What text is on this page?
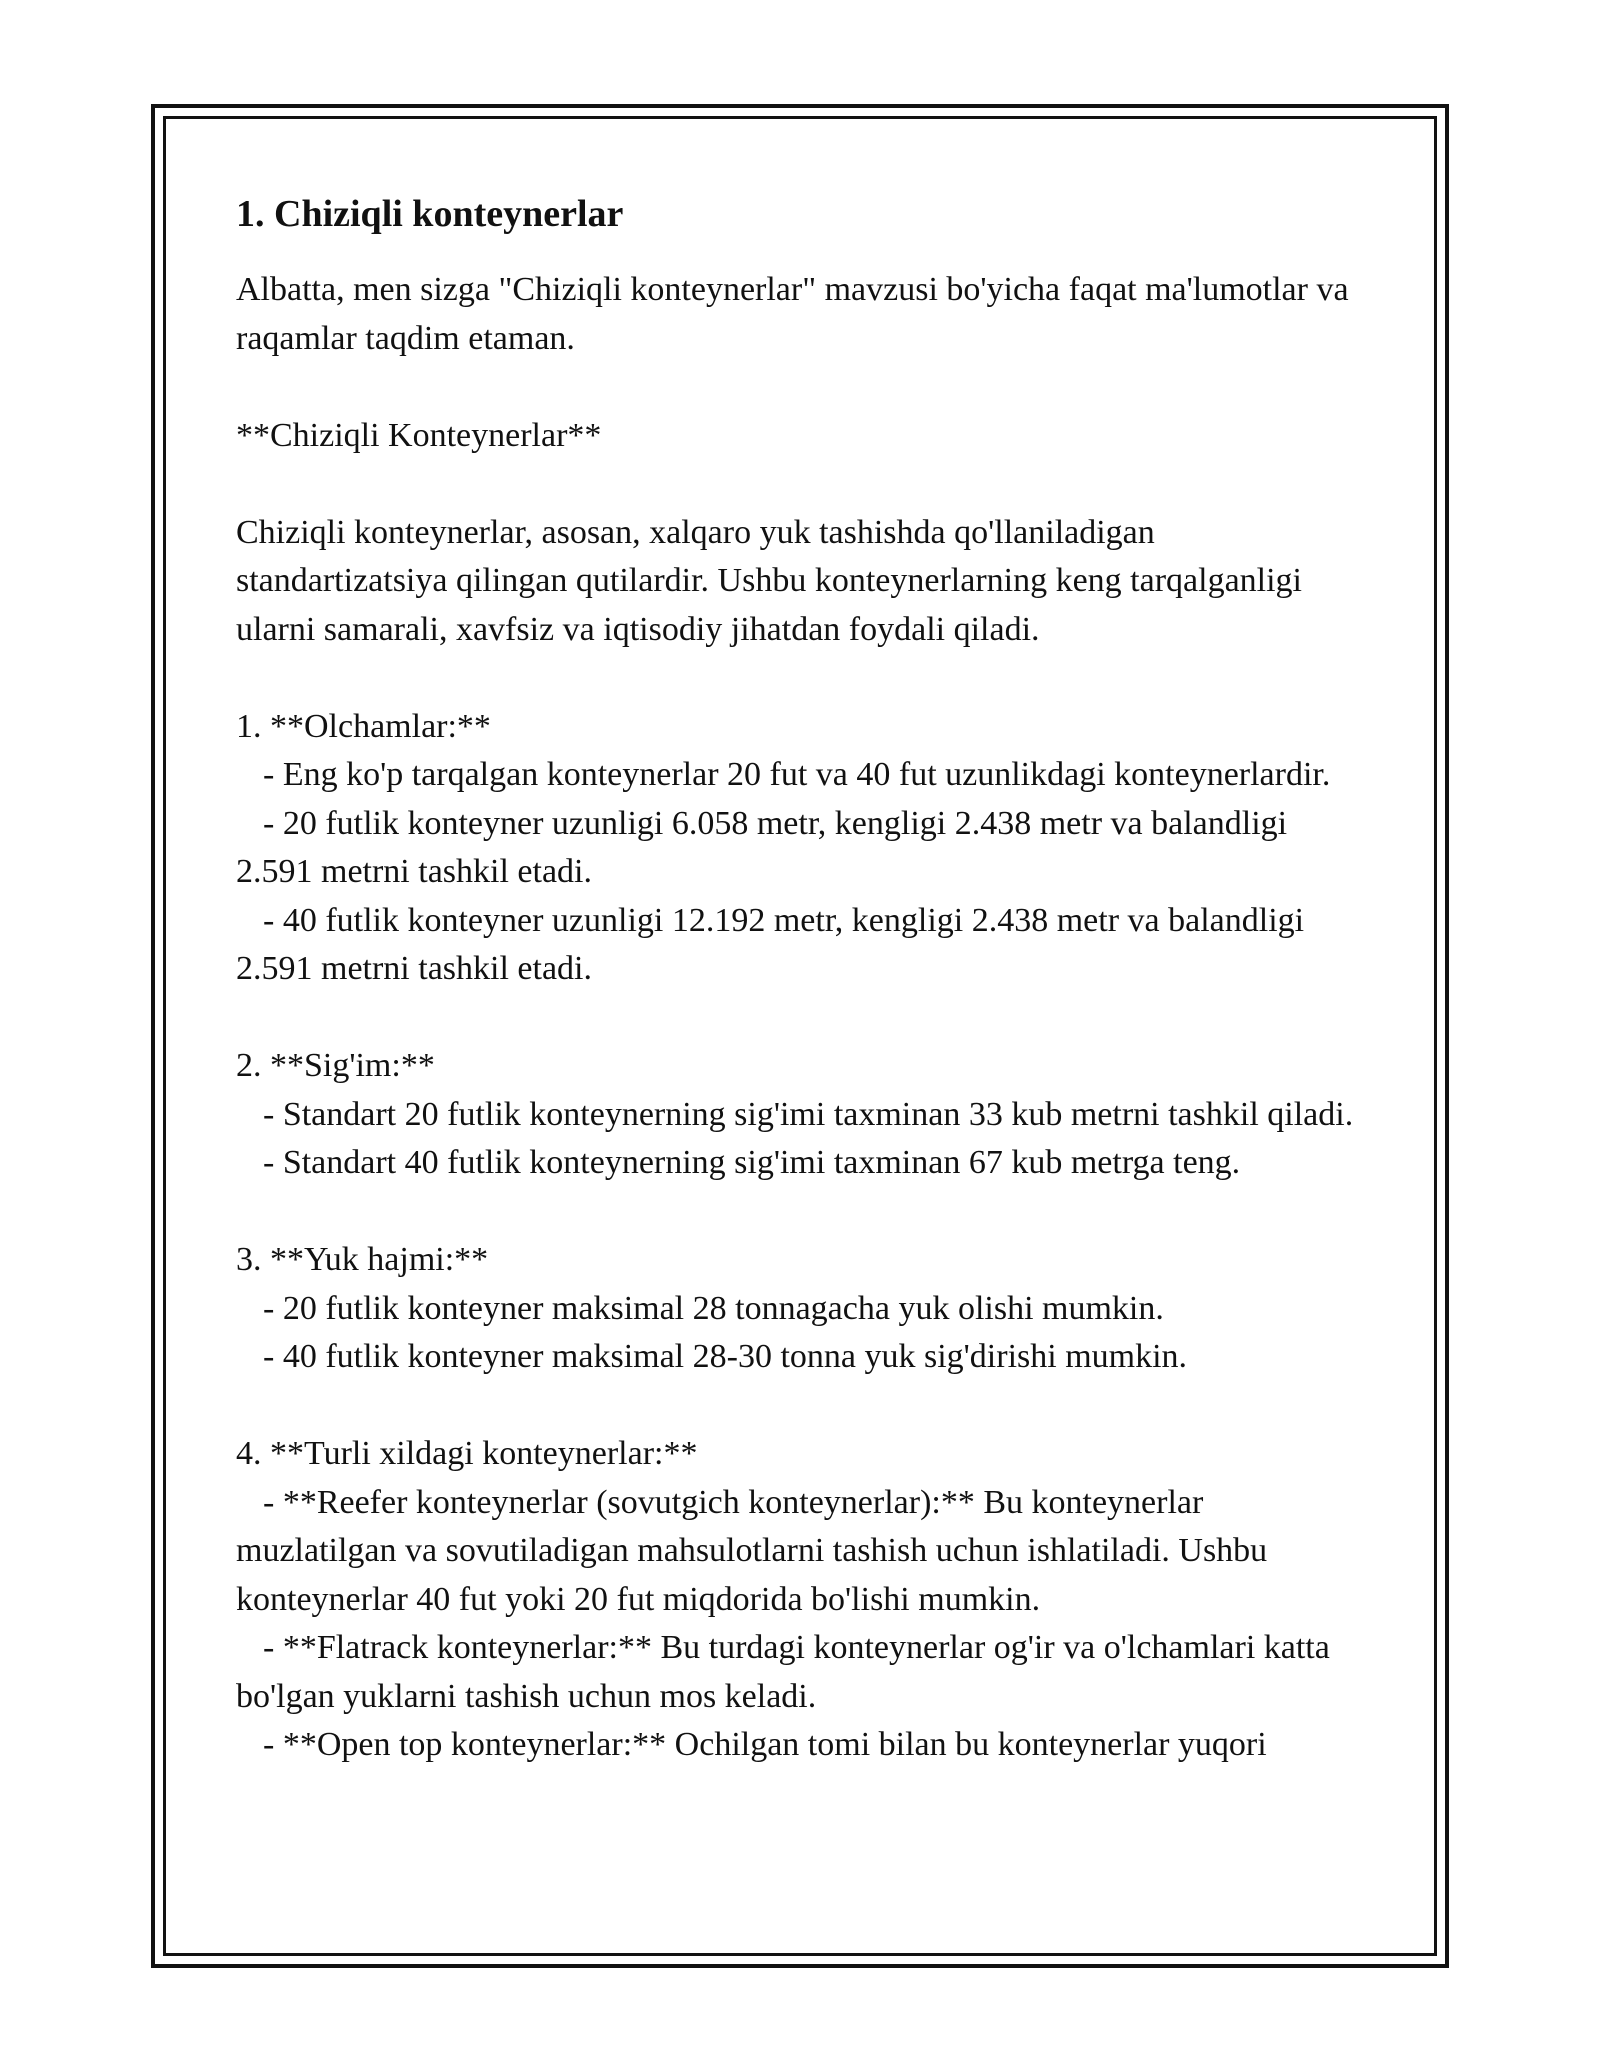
1. Chiziqli konteynerlar

Albatta, men sizga "Chiziqli konteynerlar" mavzusi bo'yicha faqat ma'lumotlar va raqamlar taqdim etaman.

**Chiziqli Konteynerlar**

Chiziqli konteynerlar, asosan, xalqaro yuk tashishda qo'llaniladigan standartizatsiya qilingan qutilardir. Ushbu konteynerlarning keng tarqalganligi ularni samarali, xavfsiz va iqtisodiy jihatdan foydali qiladi.

1. **Olchamlar:**

- Eng ko'p tarqalgan konteynerlar 20 fut va 40 fut uzunlikdagi konteynerlardir.

- 20 futlik konteyner uzunligi 6.058 metr, kengligi 2.438 metr va balandligi 2.591 metrni tashkil etadi.

- 40 futlik konteyner uzunligi 12.192 metr, kengligi 2.438 metr va balandligi 2.591 metrni tashkil etadi.

2. **Sig'im:**

- Standart 20 futlik konteynerning sig'imi taxminan 33 kub metrni tashkil qiladi.

- Standart 40 futlik konteynerning sig'imi taxminan 67 kub metrga teng.

3. **Yuk hajmi:**

- 20 futlik konteyner maksimal 28 tonnagacha yuk olishi mumkin.

- 40 futlik konteyner maksimal 28-30 tonna yuk sig'dirishi mumkin.

4. **Turli xildagi konteynerlar:**

- **Reefer konteynerlar (sovutgich konteynerlar):** Bu konteynerlar muzlatilgan va sovutiladigan mahsulotlarni tashish uchun ishlatiladi. Ushbu konteynerlar 40 fut yoki 20 fut miqdorida bo'lishi mumkin.

- **Flatrack konteynerlar:** Bu turdagi konteynerlar og'ir va o'lchamlari katta bo'lgan yuklarni tashish uchun mos keladi.

- **Open top konteynerlar:** Ochilgan tomi bilan bu konteynerlar yuqori
